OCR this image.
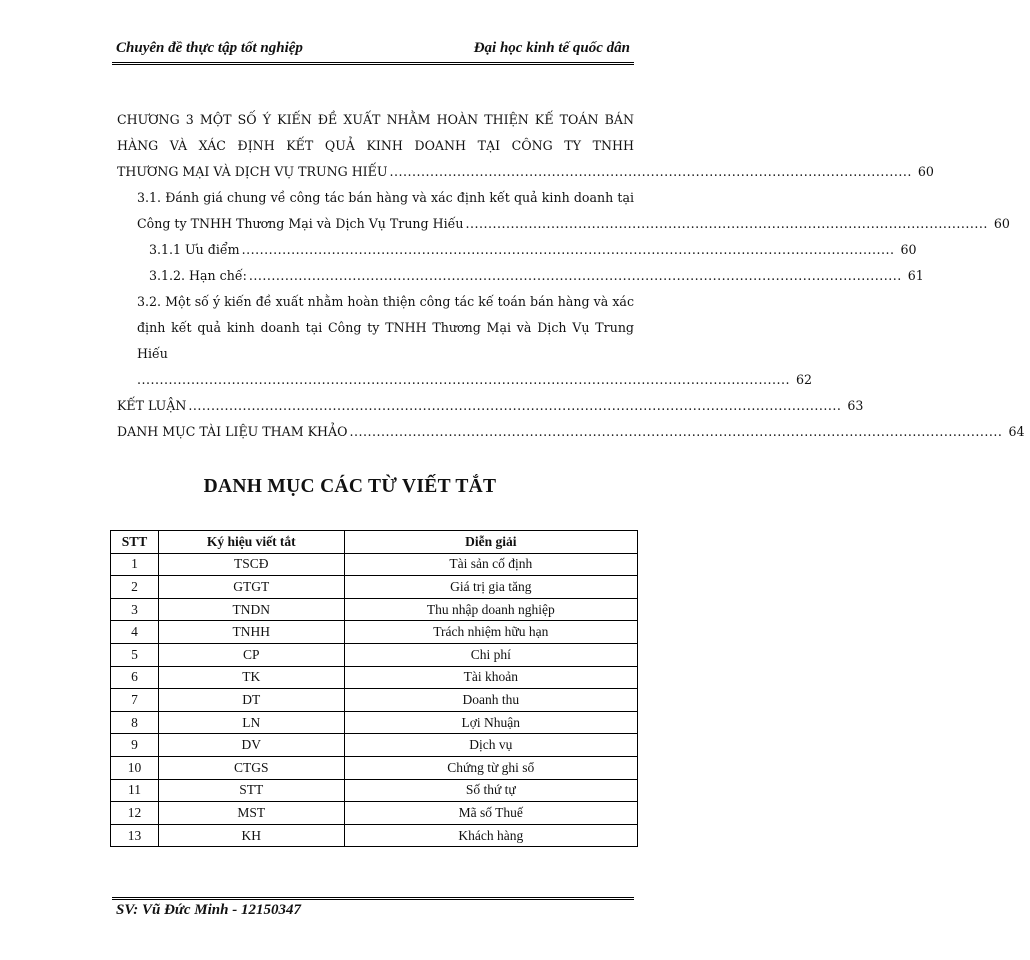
Chuyên đề thực tập tốt nghiệp	Đại học kinh tế quốc dân
CHƯƠNG 3 MỘT SỐ Ý KIẾN ĐỀ XUẤT NHẰM HOÀN THIỆN KẾ TOÁN BÁN
HÀNG VÀ XÁC ĐỊNH KẾT QUẢ KINH DOANH TẠI CÔNG TY TNHH
THƯƠNG MẠI VÀ DỊCH VỤ TRUNG HIẾU .................................................................................................................... 60
3.1. Đánh giá chung về công tác bán hàng và xác định kết quả kinh doanh tại
Công ty TNHH Thương Mại và Dịch Vụ Trung Hiếu .................................................................................................................... 60
3.1.1 Ưu điểm ................................................................................................................................................. 60
3.1.2. Hạn chế: ................................................................................................................................................. 61
3.2. Một số ý kiến đề xuất nhằm hoàn thiện công tác kế toán bán hàng và xác
định kết quả kinh doanh tại Công ty TNHH Thương Mại và Dịch Vụ Trung Hiếu
................................................................................................................................................. 62
KẾT LUẬN ................................................................................................................................................. 63
DANH MỤC TÀI LIỆU THAM KHẢO ................................................................................................................................................. 64
DANH MỤC CÁC TỪ VIẾT TẮT
STT	Ký hiệu viết tắt	Diễn giải
1	TSCĐ	Tài sản cố định
2	GTGT	Giá trị gia tăng
3	TNDN	Thu nhập doanh nghiệp
4	TNHH	Trách nhiệm hữu hạn
5	CP	Chi phí
6	TK	Tài khoản
7	DT	Doanh thu
8	LN	Lợi Nhuận
9	DV	Dịch vụ
10	CTGS	Chứng từ ghi sổ
11	STT	Số thứ tự
12	MST	Mã số Thuế
13	KH	Khách hàng
SV: Vũ Đức Minh - 12150347
